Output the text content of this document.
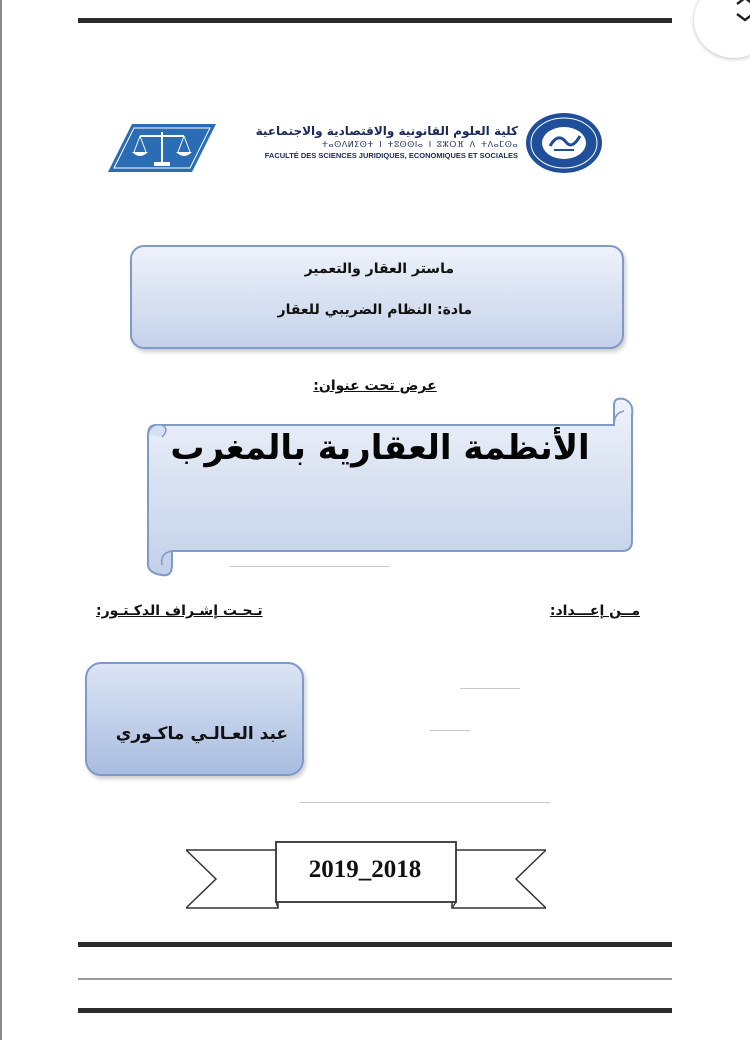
كلية العلوم القانونية والاقتصادية والاجتماعية
ⵜⴰⵙⴷⵍⵉⵙⵜ ⵏ ⵜⵓⵙⵙⵏⴰ ⵏ ⵓⵣⵔⴼ ⴷ ⵜⴷⴰⵎⵙⴰ
FACULTÉ DES SCIENCES JURIDIQUES, ECONOMIQUES ET SOCIALES
ماستر العقار والتعمير
مادة: النظام الضريبي للعقار
عرض تحت عنوان:
الأنظمة العقارية بالمغرب
تـحـت إشـراف الدكـتـور:	مــن إعـــداد:
عبد العـالـي ماكـوري
2019_2018
